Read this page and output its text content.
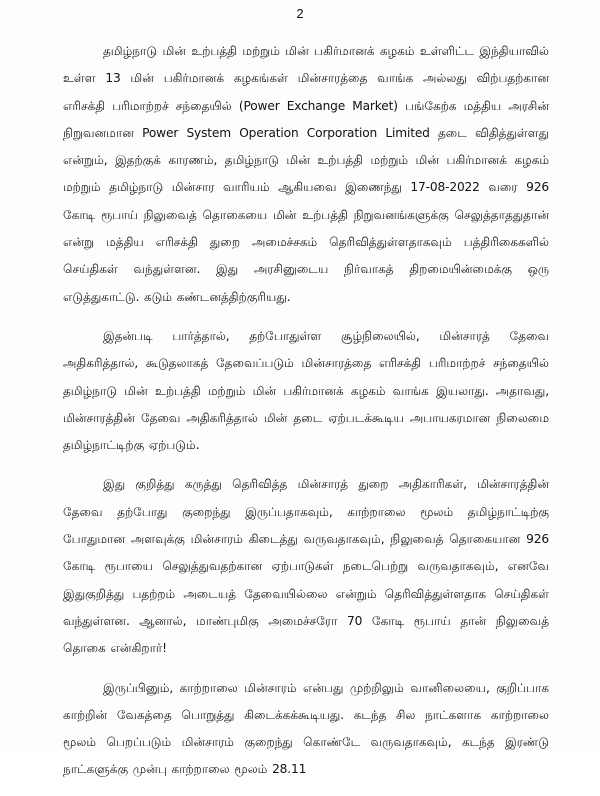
2

தமிழ்நாடு மின் உற்பத்தி மற்றும் மின் பகிர்மானக் கழகம் உள்ளிட்ட இந்தியாவில் உள்ள 13 மின் பகிர்மானக் கழகங்கள் மின்சாரத்தை வாங்க அல்லது விற்பதற்கான எரிசக்தி பரிமாற்றச் சந்தையில் (Power Exchange Market) பங்கேற்க மத்திய அரசின் நிறுவனமான Power System Operation Corporation Limited தடை விதித்துள்ளது என்றும், இதற்குக் காரணம், தமிழ்நாடு மின் உற்பத்தி மற்றும் மின் பகிர்மானக் கழகம் மற்றும் தமிழ்நாடு மின்சார வாரியம் ஆகியவை இணைந்து 17-08-2022 வரை 926 கோடி ரூபாய் நிலுவைத் தொகையை மின் உற்பத்தி நிறுவனங்களுக்கு செலுத்தாததுதான் என்று மத்திய எரிசக்தி துறை அமைச்சகம் தெரிவித்துள்ளதாகவும் பத்திரிகைகளில் செய்திகள் வந்துள்ளன. இது அரசினுடைய நிர்வாகத் திறமையின்மைக்கு ஒரு எடுத்துகாட்டு. கடும் கண்டனத்திற்குரியது.

இதன்படி பார்த்தால், தற்போதுள்ள சூழ்நிலையில், மின்சாரத் தேவை அதிகரித்தால், கூடுதலாகத் தேவைப்படும் மின்சாரத்தை எரிசக்தி பரிமாற்றச் சந்தையில் தமிழ்நாடு மின் உற்பத்தி மற்றும் மின் பகிர்மானக் கழகம் வாங்க இயலாது. அதாவது, மின்சாரத்தின் தேவை அதிகரித்தால் மின் தடை ஏற்படக்கூடிய அபாயகரமான நிலைமை தமிழ்நாட்டிற்கு ஏற்படும்.

இது குறித்து கருத்து தெரிவித்த மின்சாரத் துறை அதிகாரிகள், மின்சாரத்தின் தேவை தற்போது குறைந்து இருப்பதாகவும், காற்றாலை மூலம் தமிழ்நாட்டிற்கு போதுமான அளவுக்கு மின்சாரம் கிடைத்து வருவதாகவும், நிலுவைத் தொகையான 926 கோடி ரூபாயை செலுத்துவதற்கான ஏற்பாடுகள் நடைபெற்று வருவதாகவும், எனவே இதுகுறித்து பதற்றம் அடையத் தேவையில்லை என்றும் தெரிவித்துள்ளதாக செய்திகள் வந்துள்ளன. ஆனால், மாண்புமிகு அமைச்சரோ 70 கோடி ரூபாய் தான் நிலுவைத் தொகை என்கிறார்!

இருப்பினும், காற்றாலை மின்சாரம் என்பது முற்றிலும் வானிலையை, குறிப்பாக காற்றின் வேகத்தை பொறுத்து கிடைக்கக்கூடியது. கடந்த சில நாட்களாக காற்றாலை மூலம் பெறப்படும் மின்சாரம் குறைந்து கொண்டே வருவதாகவும், கடந்த இரண்டு நாட்களுக்கு முன்பு காற்றாலை மூலம் 28.11
